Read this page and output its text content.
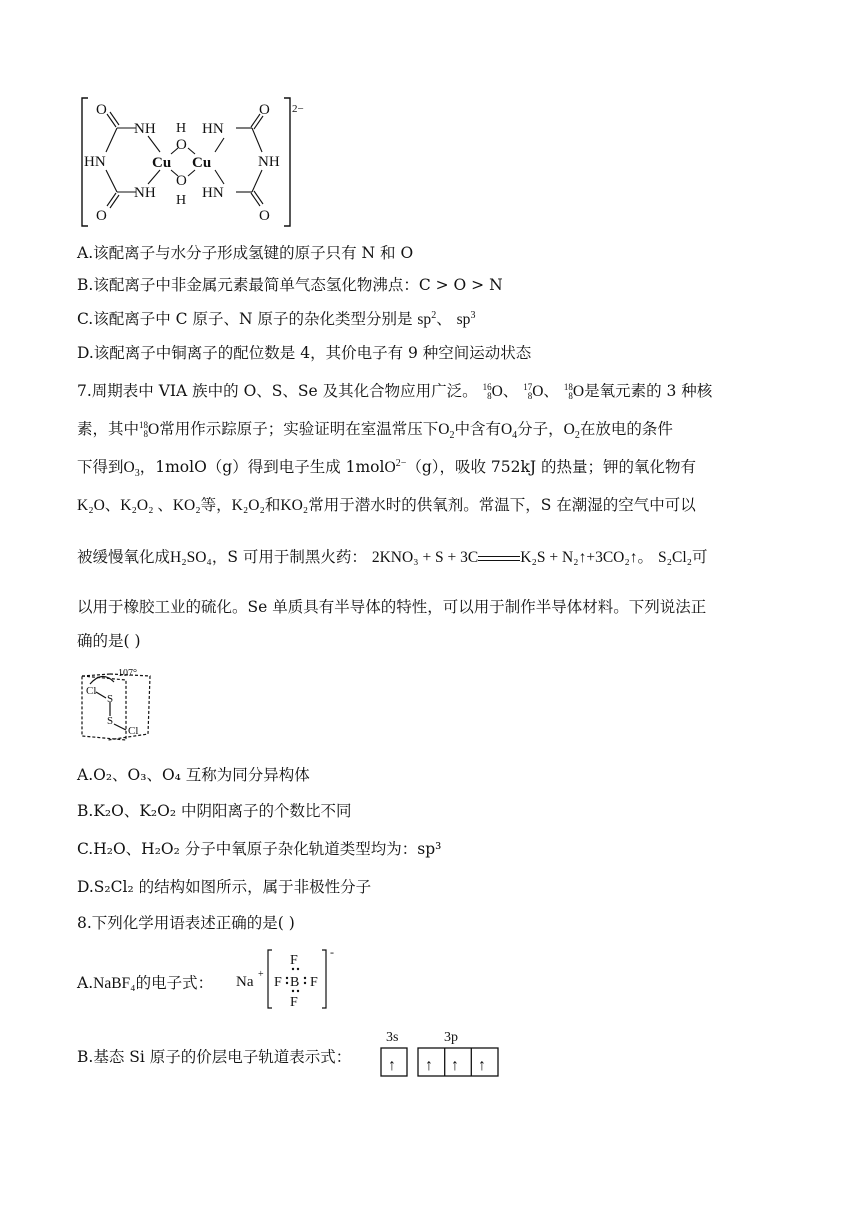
O
NH
HN
NH
O
Cu
H
O
O
H
Cu
HN
HN
NH
O
O
2−
A.该配离子与水分子形成氢键的原子只有 N 和 O
B.该配离子中非金属元素最简单气态氢化物沸点：C > O > N
C.该配离子中 C 原子、N 原子的杂化类型分别是 $sp^2$、 $sp^3$
D.该配离子中铜离子的配位数是 4，其价电子有 9 种空间运动状态
7.周期表中 VIA 族中的 O、S、Se 及其化合物应用广泛。 16
8O、 17
8O、 18
8O是氧元素的 3 种核
素，其中18
8O常用作示踪原子；实验证明在室温常压下$O_2$中含有$O_4$分子，$O_2$在放电的条件
下得到$O_3$，1molO（g）得到电子生成 1molO$^{2-}$（g），吸收 752kJ 的热量；钾的氧化物有
K₂O、K₂O₂ 、KO₂等，K₂O₂和KO₂常用于潜水时的供氧剂。常温下，S 在潮湿的空气中可以
被缓慢氧化成H₂SO₄，S 可用于制黑火药： 2KNO₃ + S + 3C	K₂S + N₂↑+3CO₂↑。 S₂Cl₂可
以用于橡胶工业的硫化。Se 单质具有半导体的特性，可以用于制作半导体材料。下列说法正
确的是( )
107°
Cl
S
S
Cl
A.O₂、O₃、O₄ 互称为同分异构体
B.K₂O、K₂O₂ 中阴阳离子的个数比不同
C.H₂O、H₂O₂ 分子中氧原子杂化轨道类型均为：sp³
D.S₂Cl₂ 的结构如图所示，属于非极性分子
8.下列化学用语表述正确的是( )
A.NaBF₄的电子式： Na +
F
F B F
F
-
B.基态 Si 原子的价层电子轨道表示式：
3s	3p
↑ ↑ ↑ ↑
